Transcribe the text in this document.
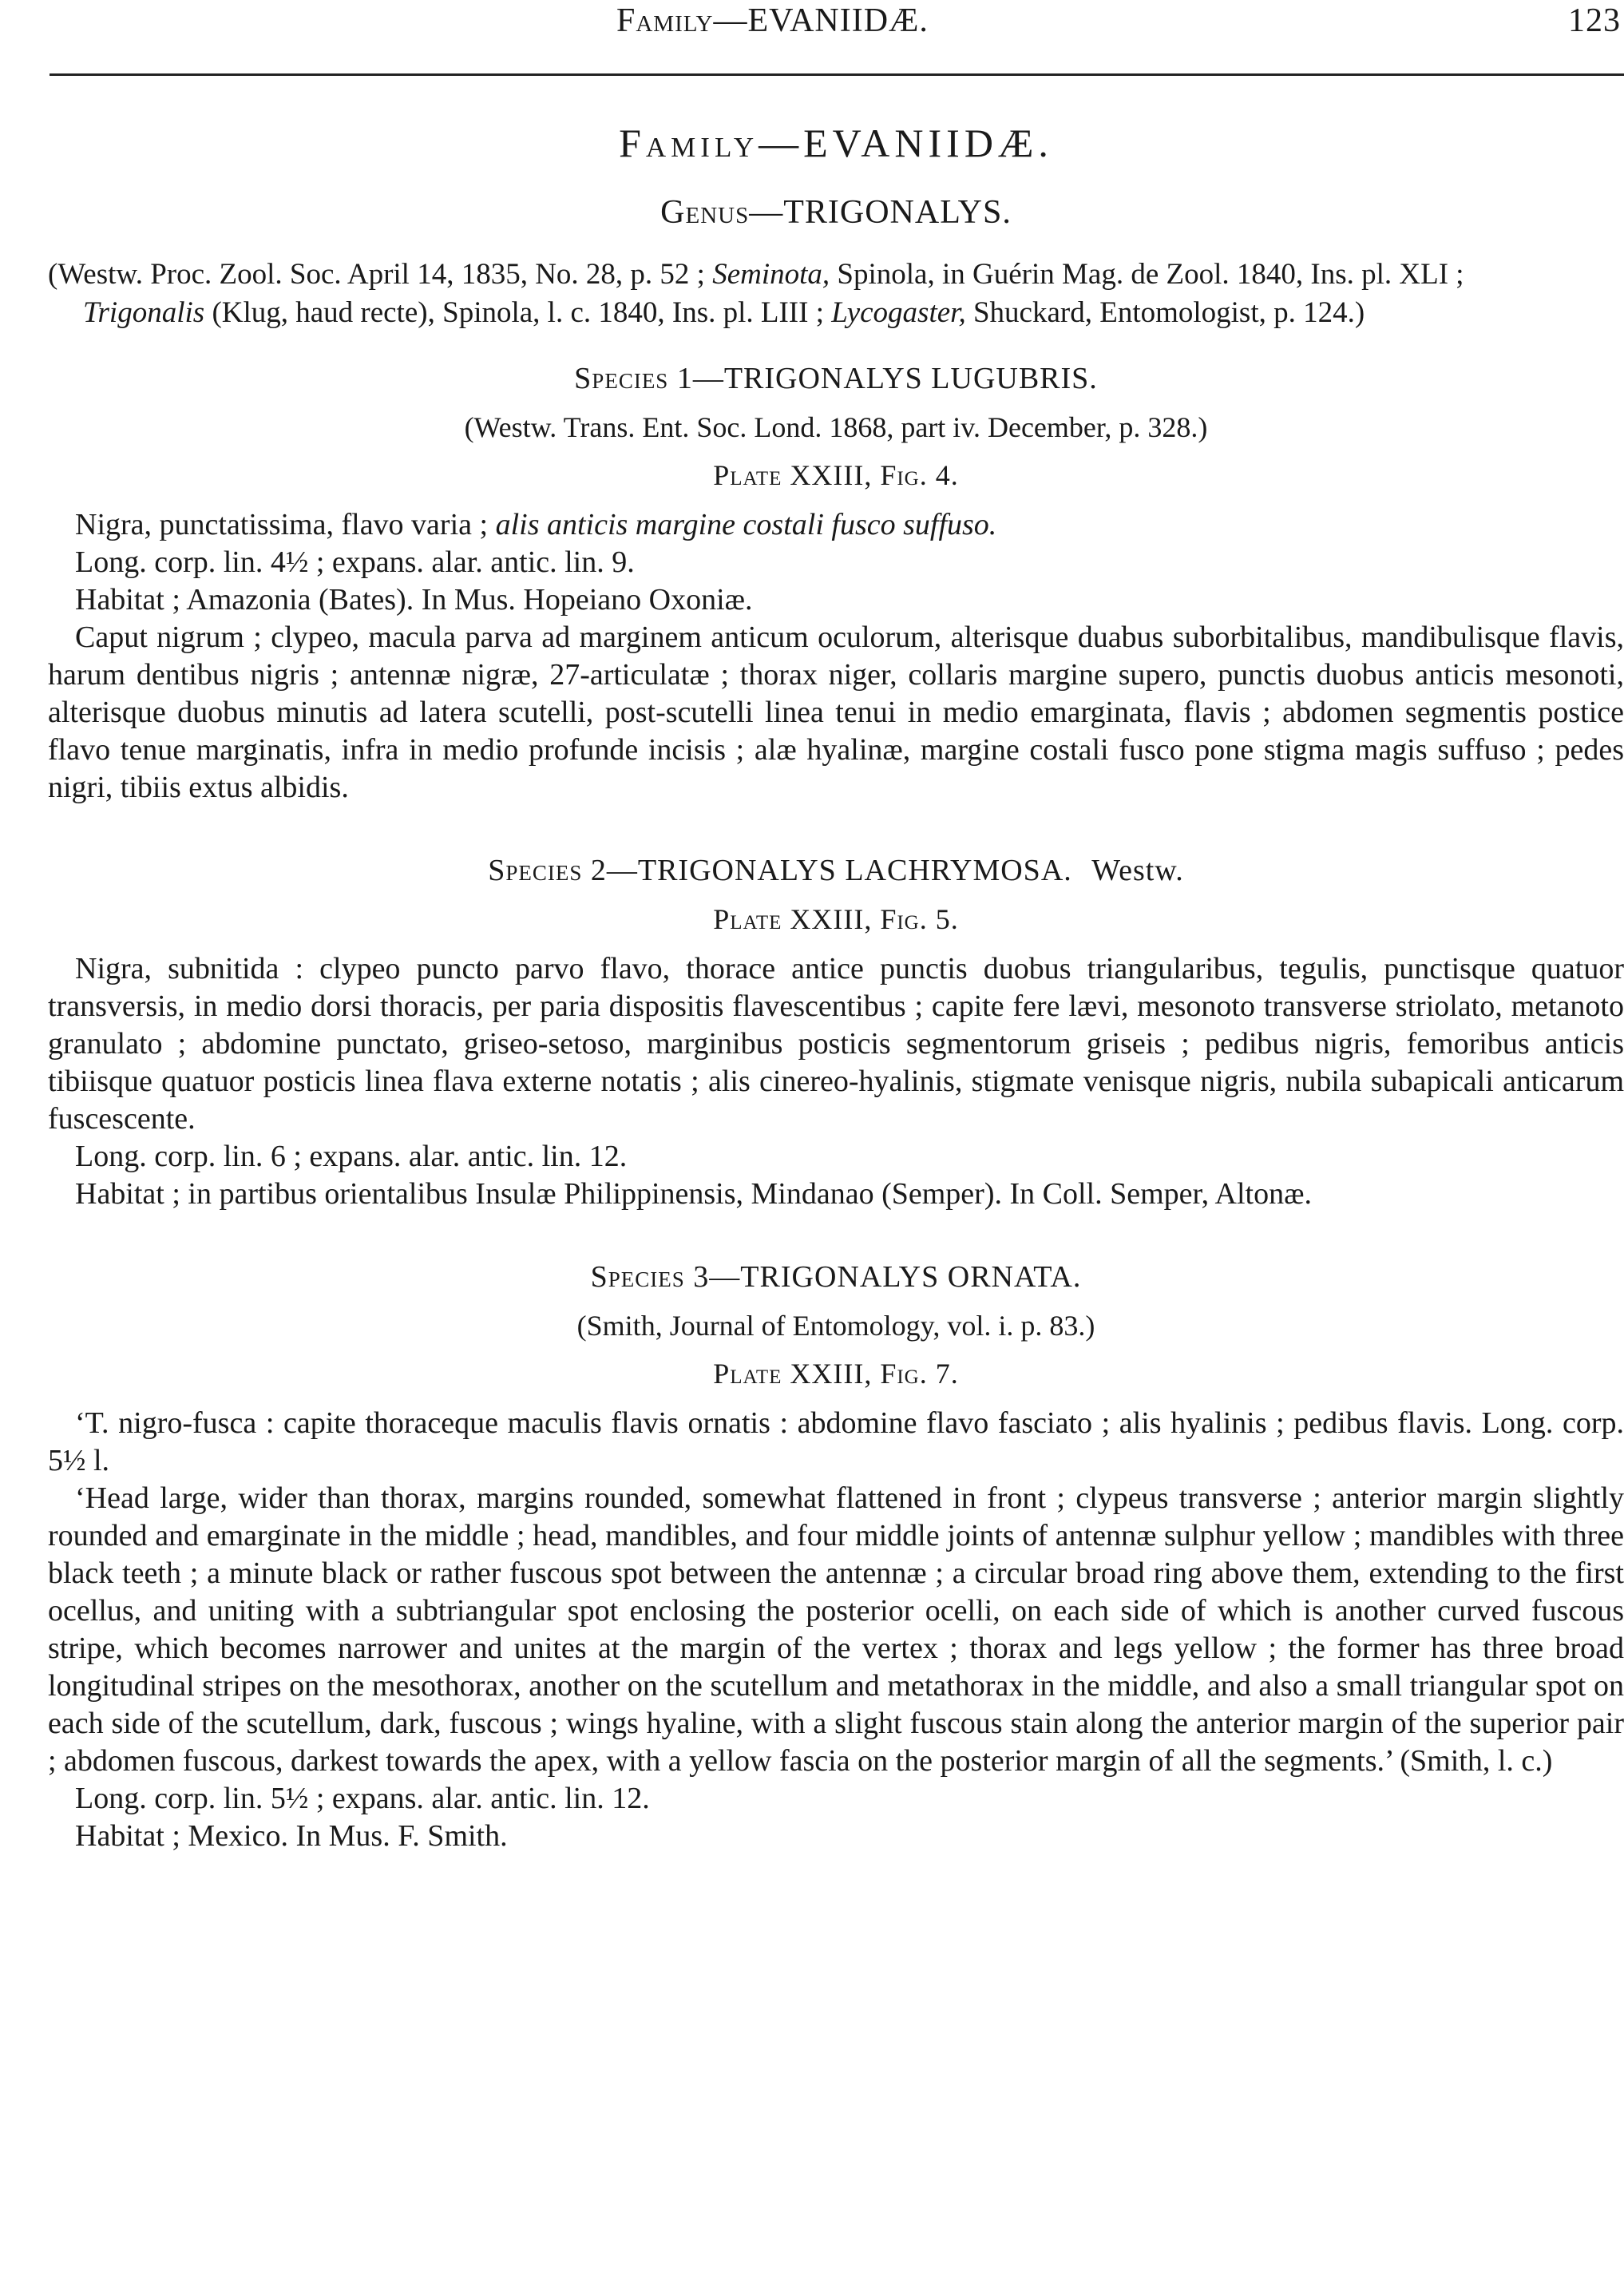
Family—EVANIIDÆ.	123
Family—EVANIIDÆ.
Genus—TRIGONALYS.

(Westw. Proc. Zool. Soc. April 14, 1835, No. 28, p. 52 ; Seminota, Spinola, in Guérin Mag. de Zool. 1840, Ins. pl. XLI ;
Trigonalis (Klug, haud recte), Spinola, l. c. 1840, Ins. pl. LIII ; Lycogaster, Shuckard, Entomologist, p. 124.)

Species 1—TRIGONALYS LUGUBRIS.
(Westw. Trans. Ent. Soc. Lond. 1868, part iv. December, p. 328.)
Plate XXIII, Fig. 4.

Nigra, punctatissima, flavo varia ; alis anticis margine costali fusco suffuso.

Long. corp. lin. 4½ ; expans. alar. antic. lin. 9.

Habitat ; Amazonia (Bates). In Mus. Hopeiano Oxoniæ.

Caput nigrum ; clypeo, macula parva ad marginem anticum oculorum, alterisque duabus suborbitalibus, mandibulisque flavis, harum dentibus nigris ; antennæ nigræ, 27-articulatæ ; thorax niger, collaris margine supero, punctis duobus anticis mesonoti, alterisque duobus minutis ad latera scutelli, post-scutelli linea tenui in medio emarginata, flavis ; abdomen segmentis postice flavo tenue marginatis, infra in medio profunde incisis ; alæ hyalinæ, margine costali fusco pone stigma magis suffuso ; pedes nigri, tibiis extus albidis.

Species 2—TRIGONALYS LACHRYMOSA. Westw.
Plate XXIII, Fig. 5.

Nigra, subnitida : clypeo puncto parvo flavo, thorace antice punctis duobus triangularibus, tegulis, punctisque quatuor transversis, in medio dorsi thoracis, per paria dispositis flavescentibus ; capite fere lævi, mesonoto transverse striolato, metanoto granulato ; abdomine punctato, griseo-setoso, marginibus posticis segmentorum griseis ; pedibus nigris, femoribus anticis tibiisque quatuor posticis linea flava externe notatis ; alis cinereo-hyalinis, stigmate venisque nigris, nubila subapicali anticarum fuscescente.

Long. corp. lin. 6 ; expans. alar. antic. lin. 12.

Habitat ; in partibus orientalibus Insulæ Philippinensis, Mindanao (Semper). In Coll. Semper, Altonæ.

Species 3—TRIGONALYS ORNATA.
(Smith, Journal of Entomology, vol. i. p. 83.)
Plate XXIII, Fig. 7.

‘T. nigro-fusca : capite thoraceque maculis flavis ornatis : abdomine flavo fasciato ; alis hyalinis ; pedibus flavis. Long. corp. 5½ l.

‘Head large, wider than thorax, margins rounded, somewhat flattened in front ; clypeus transverse ; anterior margin slightly rounded and emarginate in the middle ; head, mandibles, and four middle joints of antennæ sulphur yellow ; mandibles with three black teeth ; a minute black or rather fuscous spot between the antennæ ; a circular broad ring above them, extending to the first ocellus, and uniting with a subtriangular spot enclosing the posterior ocelli, on each side of which is another curved fuscous stripe, which becomes narrower and unites at the margin of the vertex ; thorax and legs yellow ; the former has three broad longitudinal stripes on the mesothorax, another on the scutellum and metathorax in the middle, and also a small triangular spot on each side of the scutellum, dark, fuscous ; wings hyaline, with a slight fuscous stain along the anterior margin of the superior pair ; abdomen fuscous, darkest towards the apex, with a yellow fascia on the posterior margin of all the segments.’ (Smith, l. c.)

Long. corp. lin. 5½ ; expans. alar. antic. lin. 12.

Habitat ; Mexico. In Mus. F. Smith.
